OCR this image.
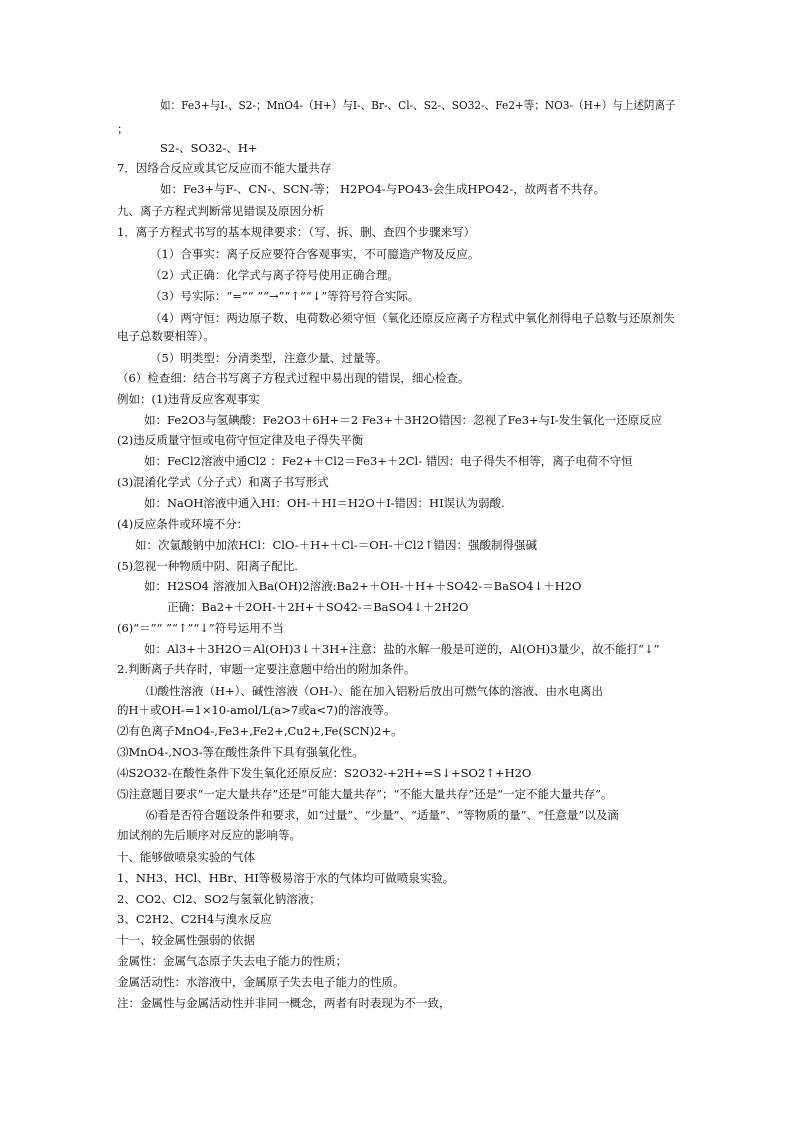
如：Fe3+与I-、S2-；MnO4-（H+）与I-、Br-、Cl-、S2-、SO32-、Fe2+等；NO3-（H+）与上述阴离子
；
S2-、SO32-、H+
7．因络合反应或其它反应而不能大量共存
如：Fe3+与F-、CN-、SCN-等； H2PO4-与PO43-会生成HPO42-，故两者不共存。
九、离子方程式判断常见错误及原因分析
1．离子方程式书写的基本规律要求：（写、拆、删、查四个步骤来写）
（1）合事实：离子反应要符合客观事实，不可臆造产物及反应。
（2）式正确：化学式与离子符号使用正确合理。
（3）号实际：“=”“ ”“→”“↑”“↓”等符号符合实际。
（4）两守恒：两边原子数、电荷数必须守恒（氧化还原反应离子方程式中氧化剂得电子总数与还原剂失
电子总数要相等）。
（5）明类型：分清类型，注意少量、过量等。
（6）检查细：结合书写离子方程式过程中易出现的错误，细心检查。
例如：(1)违背反应客观事实
如：Fe2O3与氢碘酸：Fe2O3＋6H+＝2 Fe3+＋3H2O错因：忽视了Fe3+与I-发生氧化一还原反应
(2)违反质量守恒或电荷守恒定律及电子得失平衡
如：FeCl2溶液中通Cl2 ：Fe2+＋Cl2＝Fe3+＋2Cl- 错因：电子得失不相等，离子电荷不守恒
(3)混淆化学式（分子式）和离子书写形式
如：NaOH溶液中通入HI：OH-＋HI＝H2O＋I-错因：HI误认为弱酸.
(4)反应条件或环境不分：
如：次氯酸钠中加浓HCl：ClO-＋H+＋Cl-＝OH-＋Cl2↑错因：强酸制得强碱
(5)忽视一种物质中阴、阳离子配比.
如：H2SO4 溶液加入Ba(OH)2溶液:Ba2+＋OH-＋H+＋SO42-＝BaSO4↓＋H2O
正确：Ba2+＋2OH-＋2H+＋SO42-＝BaSO4↓＋2H2O
(6)“＝”“ ”“↑”“↓”符号运用不当
如：Al3+＋3H2O＝Al(OH)3↓＋3H+注意：盐的水解一般是可逆的，Al(OH)3量少，故不能打“↓”
2.判断离子共存时，审题一定要注意题中给出的附加条件。
⑴酸性溶液（H+）、碱性溶液（OH-）、能在加入铝粉后放出可燃气体的溶液、由水电离出
的H＋或OH-=1×10-amol/L(a>7或a<7)的溶液等。
⑵有色离子MnO4-,Fe3+,Fe2+,Cu2+,Fe(SCN)2+。
⑶MnO4-,NO3-等在酸性条件下具有强氧化性。
⑷S2O32-在酸性条件下发生氧化还原反应：S2O32-+2H+=S↓+SO2↑+H2O
⑸注意题目要求“一定大量共存”还是“可能大量共存”；“不能大量共存”还是“一定不能大量共存”。
⑹看是否符合题设条件和要求，如“过量”、“少量”、“适量”、“等物质的量”、“任意量”以及滴
加试剂的先后顺序对反应的影响等。
十、能够做喷泉实验的气体
1、NH3、HCl、HBr、HI等极易溶于水的气体均可做喷泉实验。
2、CO2、Cl2、SO2与氢氧化钠溶液；
3、C2H2、C2H4与溴水反应
十一、较金属性强弱的依据
金属性：金属气态原子失去电子能力的性质；
金属活动性：水溶液中，金属原子失去电子能力的性质。
注：金属性与金属活动性并非同一概念，两者有时表现为不一致，
